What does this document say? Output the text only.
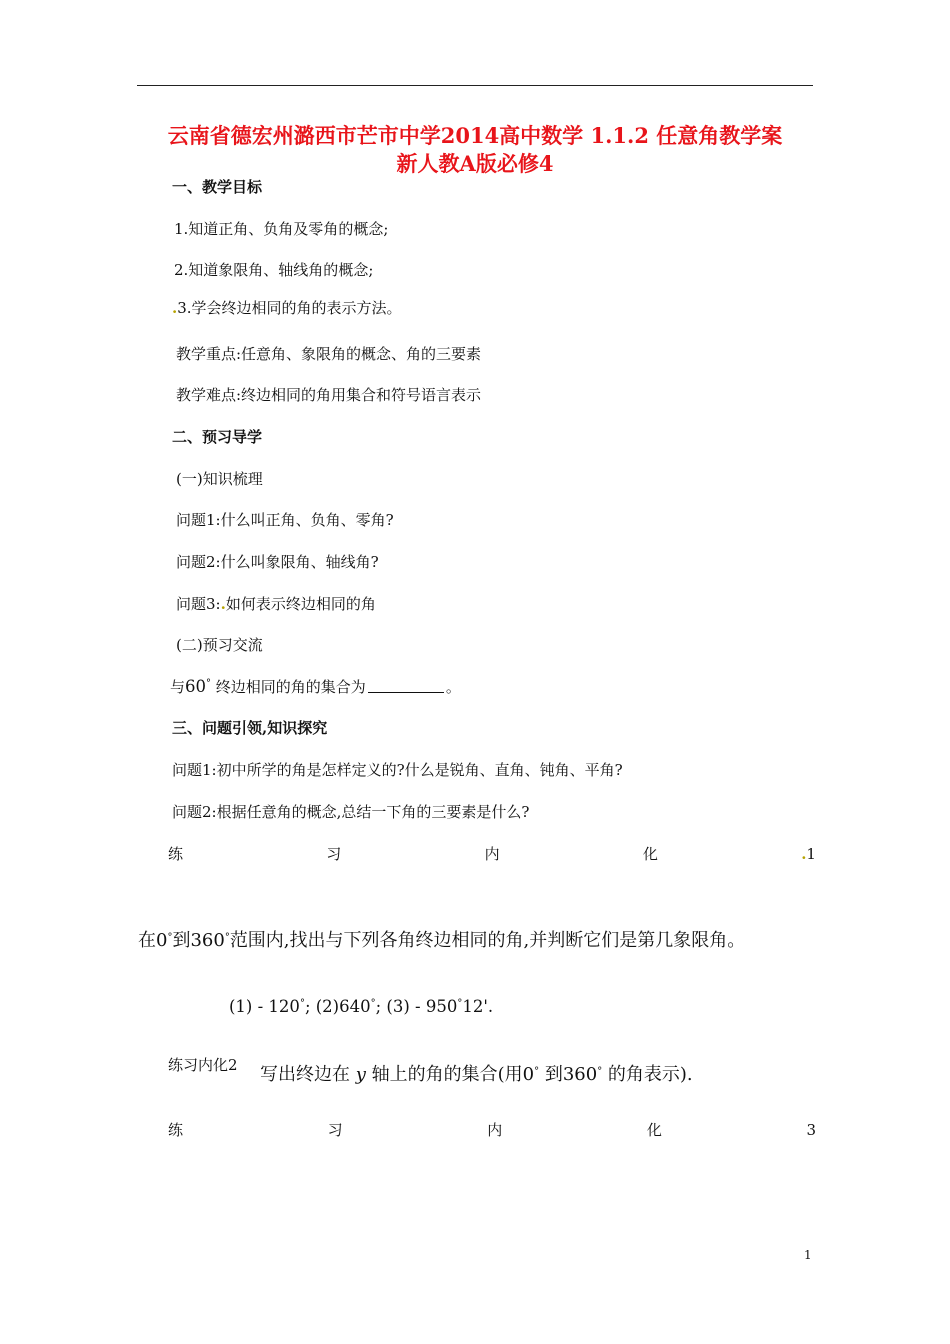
云南省德宏州潞西市芒市中学2014高中数学 1.1.2 任意角教学案
新人教A版必修4
一、教学目标
1.知道正角、负角及零角的概念;
2.知道象限角、轴线角的概念;
.3.学会终边相同的角的表示方法。
教学重点:任意角、象限角的概念、角的三要素
教学难点:终边相同的角用集合和符号语言表示
二、预习导学
(一)知识梳理
问题1:什么叫正角、负角、零角?
问题2:什么叫象限角、轴线角?
问题3:.如何表示终边相同的角
(二)预习交流
与60° 终边相同的角的集合为	。
三、问题引领,知识探究
问题1:初中所学的角是怎样定义的?什么是锐角、直角、钝角、平角?
问题2:根据任意角的概念,总结一下角的三要素是什么?
练	习	内	化	.1
在0°到360°范围内,找出与下列各角终边相同的角,并判断它们是第几象限角。
(1) - 120°; (2)640°; (3) - 950°12'.
练习内化2 写出终边在 y 轴上的角的集合(用0° 到360° 的角表示).
练	习	内	化	3
1
